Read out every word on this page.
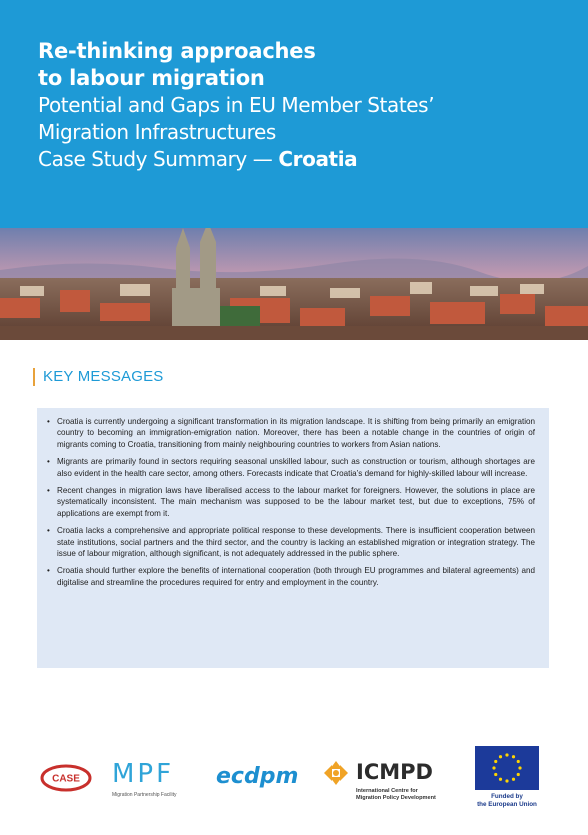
Re-thinking approaches
to labour migration
Potential and Gaps in EU Member States’
Migration Infrastructures
Case Study Summary — Croatia
KEY MESSAGES
• Croatia is currently undergoing a significant transformation in its migration landscape. It is shifting from being primarily an emigration country to becoming an immigration-emigration nation. Moreover, there has been a notable change in the countries of origin of migrants coming to Croatia, transitioning from mainly neighbouring countries to workers from Asian nations.
• Migrants are primarily found in sectors requiring seasonal unskilled labour, such as construction or tourism, although shortages are also evident in the health care sector, among others. Forecasts indicate that Croatia’s demand for highly-skilled labour will increase.
• Recent changes in migration laws have liberalised access to the labour market for foreigners. However, the solutions in place are systematically inconsistent. The main mechanism was supposed to be the labour market test, but due to exceptions, 75% of applications are exempt from it.
• Croatia lacks a comprehensive and appropriate political response to these developments. There is insufficient cooperation between state institutions, social partners and the third sector, and the country is lacking an established migration or integration strategy. The issue of labour migration, although significant, is not adequately addressed in the public sphere.
• Croatia should further explore the benefits of international cooperation (both through EU programmes and bilateral agreements) and digitalise and streamline the procedures required for entry and employment in the country.
CASE MPF
Migration Partnership Facility
ecdpm	ICMPD
International Centre for
Migration Policy Development	Funded by
the European Union
